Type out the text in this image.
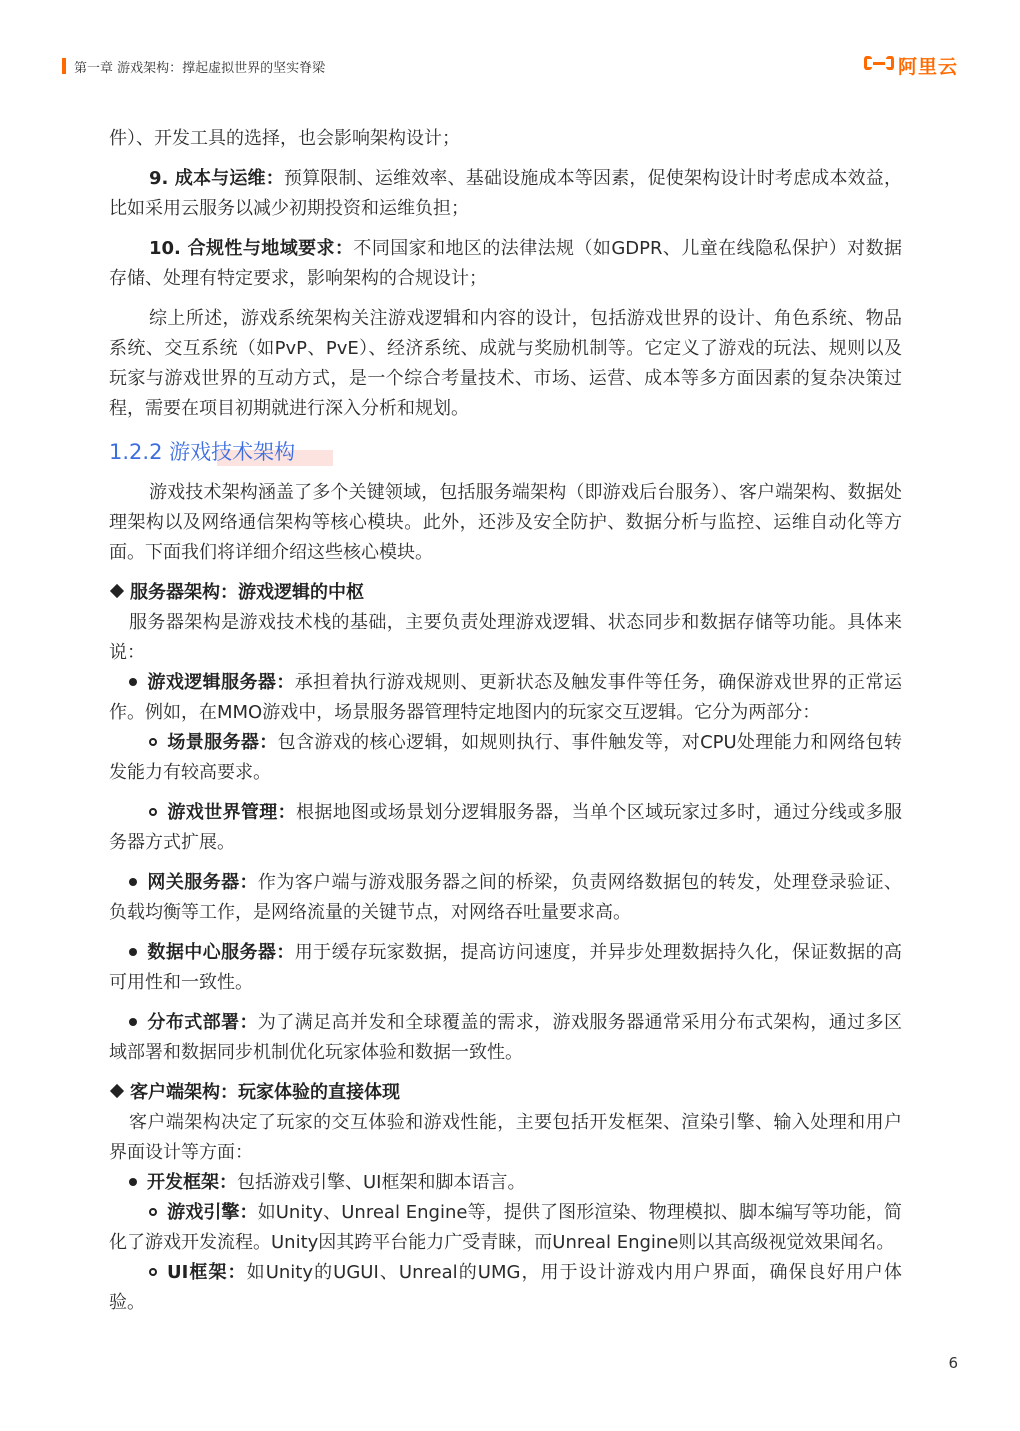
第一章 游戏架构：撑起虚拟世界的坚实脊梁	阿里云

件）、开发工具的选择，也会影响架构设计；

9. 成本与运维：预算限制、运维效率、基础设施成本等因素，促使架构设计时考虑成本效益，比如采用云服务以减少初期投资和运维负担；

10. 合规性与地域要求：不同国家和地区的法律法规（如GDPR、儿童在线隐私保护）对数据存储、处理有特定要求，影响架构的合规设计；

综上所述，游戏系统架构关注游戏逻辑和内容的设计，包括游戏世界的设计、角色系统、物品系统、交互系统（如PvP、PvE）、经济系统、成就与奖励机制等。它定义了游戏的玩法、规则以及玩家与游戏世界的互动方式，是一个综合考量技术、市场、运营、成本等多方面因素的复杂决策过程，需要在项目初期就进行深入分析和规划。

1.2.2 游戏技术架构

游戏技术架构涵盖了多个关键领域，包括服务端架构（即游戏后台服务）、客户端架构、数据处理架构以及网络通信架构等核心模块。此外，还涉及安全防护、数据分析与监控、运维自动化等方面。下面我们将详细介绍这些核心模块。

服务器架构：游戏逻辑的中枢

服务器架构是游戏技术栈的基础，主要负责处理游戏逻辑、状态同步和数据存储等功能。具体来说：

游戏逻辑服务器：承担着执行游戏规则、更新状态及触发事件等任务，确保游戏世界的正常运作。例如，在MMO游戏中，场景服务器管理特定地图内的玩家交互逻辑。它分为两部分：

场景服务器：包含游戏的核心逻辑，如规则执行、事件触发等，对CPU处理能力和网络包转发能力有较高要求。

游戏世界管理：根据地图或场景划分逻辑服务器，当单个区域玩家过多时，通过分线或多服务器方式扩展。

网关服务器：作为客户端与游戏服务器之间的桥梁，负责网络数据包的转发，处理登录验证、负载均衡等工作，是网络流量的关键节点，对网络吞吐量要求高。

数据中心服务器：用于缓存玩家数据，提高访问速度，并异步处理数据持久化，保证数据的高可用性和一致性。

分布式部署：为了满足高并发和全球覆盖的需求，游戏服务器通常采用分布式架构，通过多区域部署和数据同步机制优化玩家体验和数据一致性。

客户端架构：玩家体验的直接体现

客户端架构决定了玩家的交互体验和游戏性能，主要包括开发框架、渲染引擎、输入处理和用户界面设计等方面：

开发框架：包括游戏引擎、UI框架和脚本语言。

游戏引擎：如Unity、Unreal Engine等，提供了图形渲染、物理模拟、脚本编写等功能，简化了游戏开发流程。Unity因其跨平台能力广受青睐，而Unreal Engine则以其高级视觉效果闻名。

UI框架：如Unity的UGUI、Unreal的UMG，用于设计游戏内用户界面，确保良好用户体验。

6
